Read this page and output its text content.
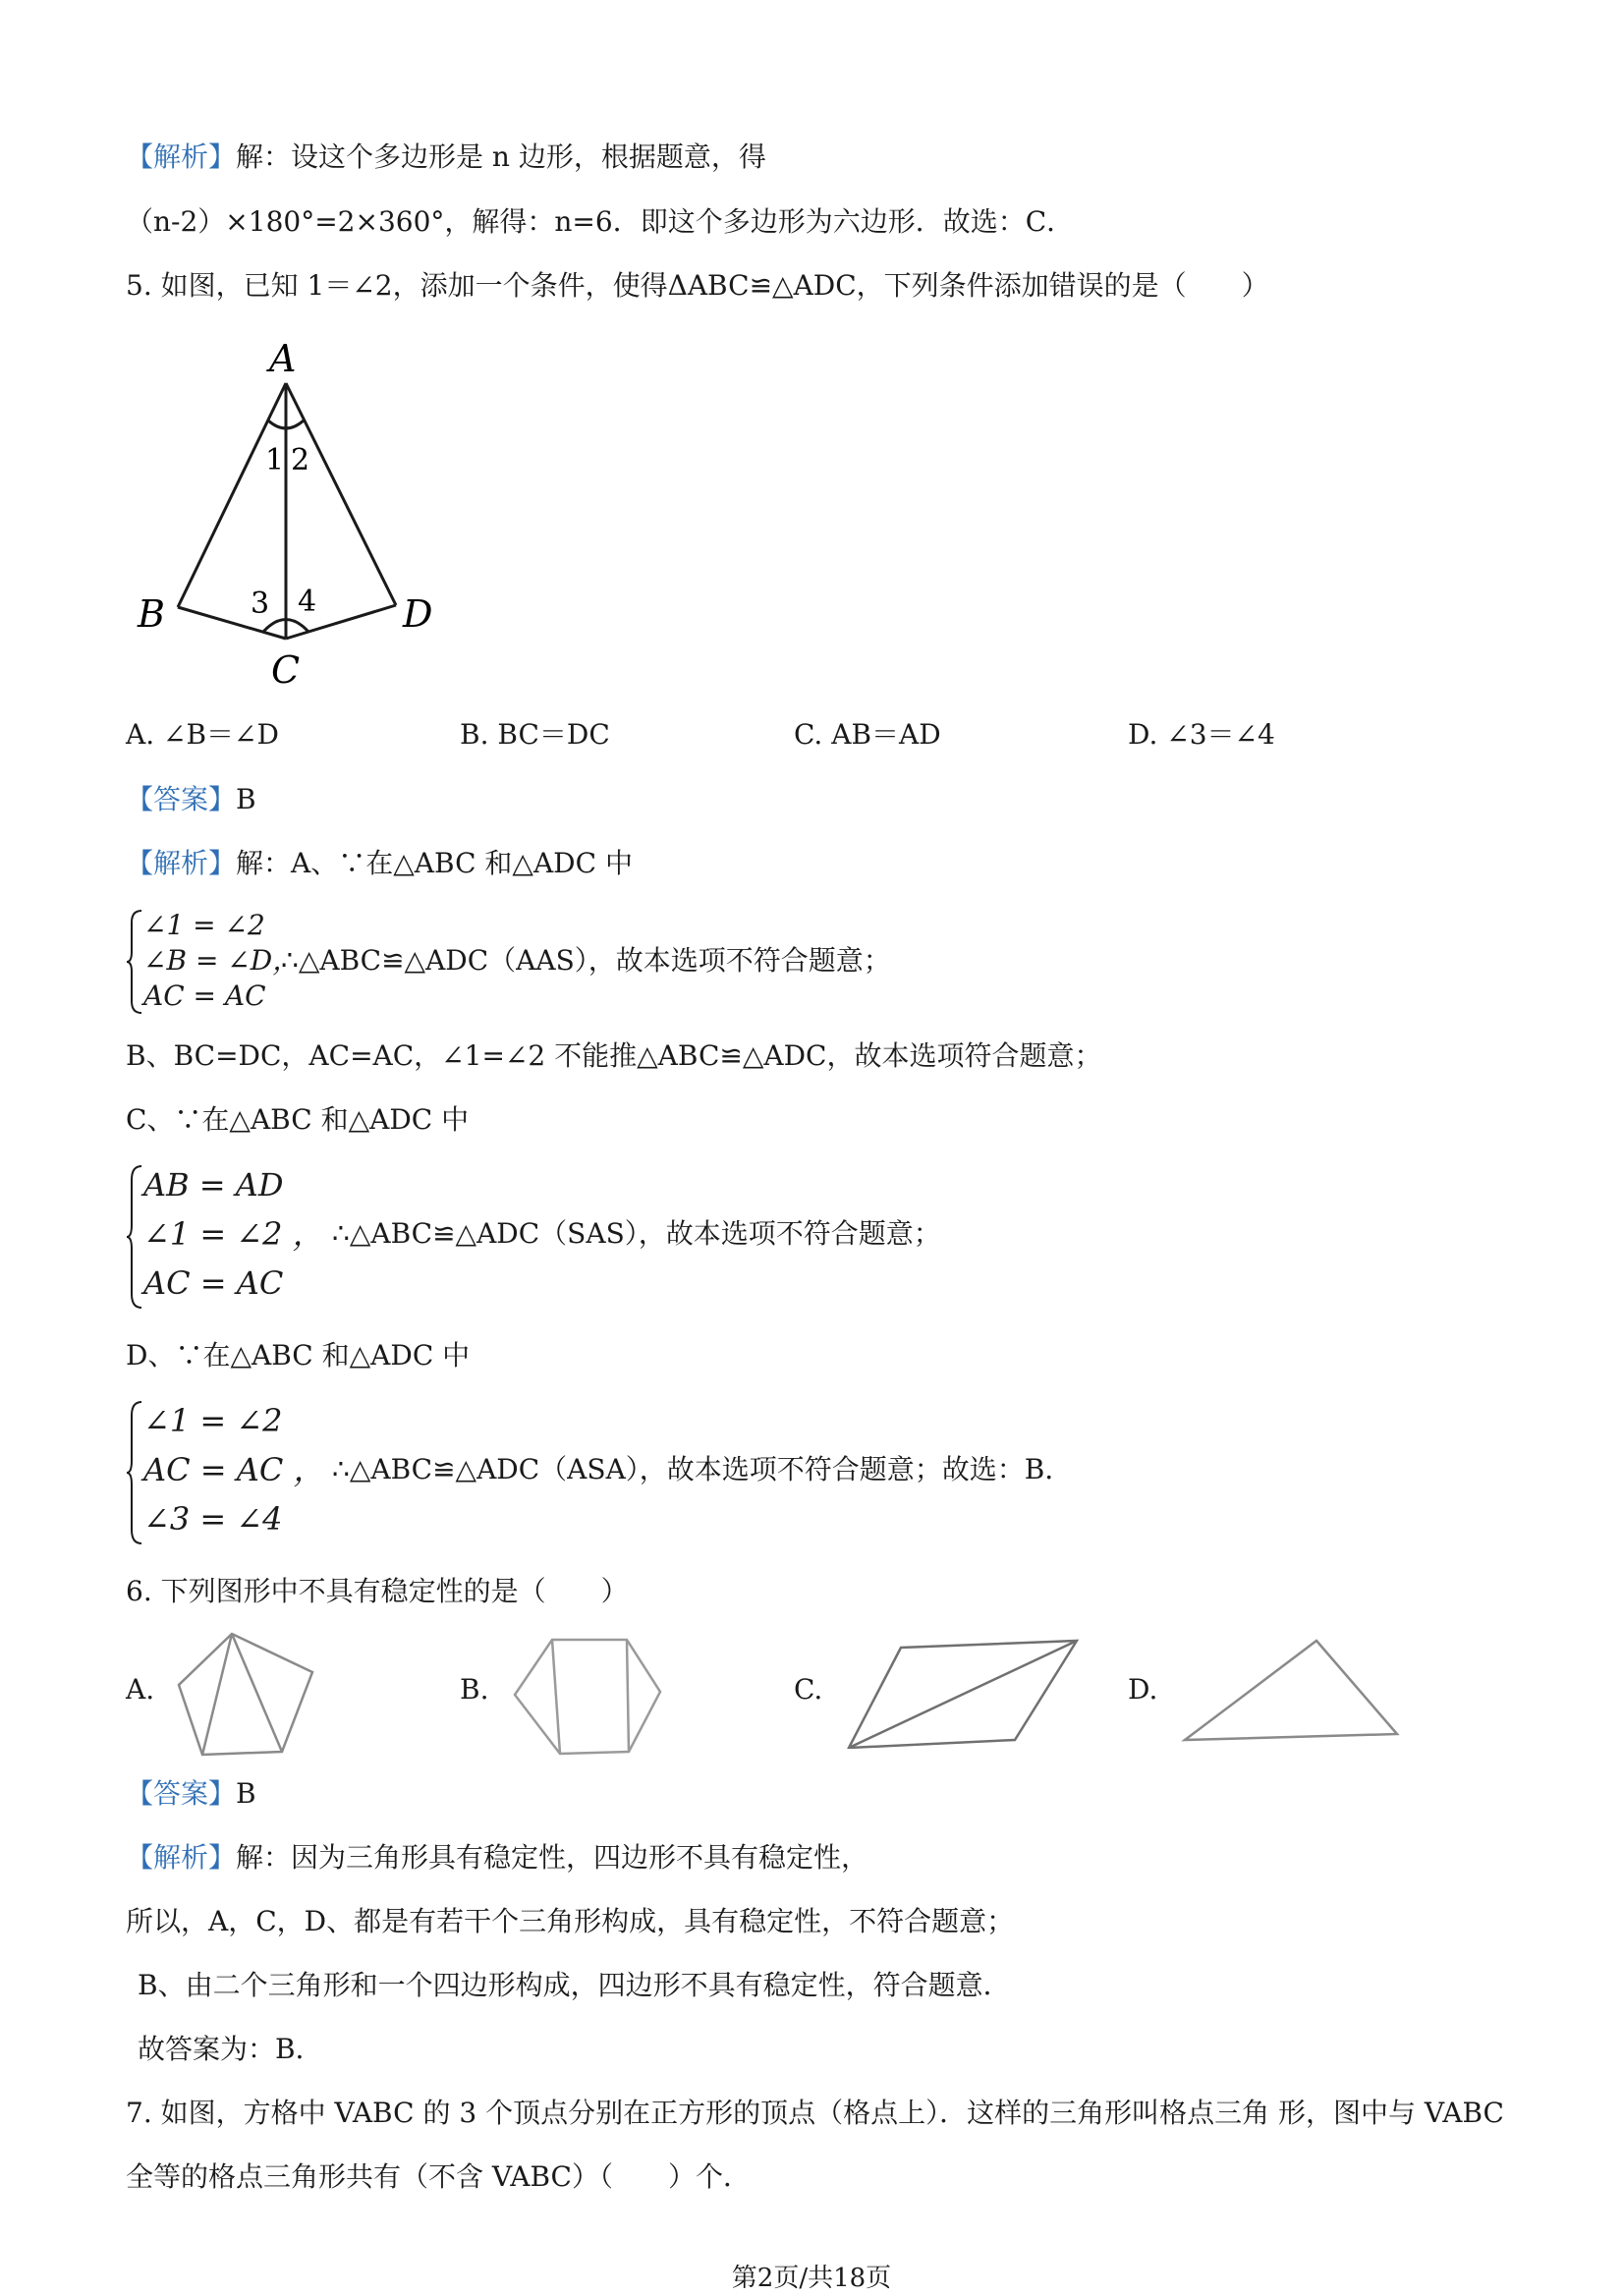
【解析】解：设这个多边形是 n 边形，根据题意，得
（n-2）×180°=2×360°，解得：n=6．即这个多边形为六边形．故选：C．
5. 如图，已知 1＝∠2，添加一个条件，使得ΔABC≌△ADC，下列条件添加错误的是（　　）
A
B
C
D
1 2
3 4
A. ∠B＝∠D	B. BC＝DC	C. AB＝AD	D. ∠3＝∠4
【答案】B
【解析】解：A、∵在△ABC 和△ADC 中
∠1 = ∠2
∠B = ∠D，
AC = AC
∴△ABC≌△ADC（AAS），故本选项不符合题意；
B、BC=DC，AC=AC，∠1=∠2 不能推△ABC≌△ADC，故本选项符合题意；
C、∵在△ABC 和△ADC 中
AB = AD
∠1 = ∠2 ，
AC = AC
∴△ABC≌△ADC（SAS），故本选项不符合题意；
D、∵在△ABC 和△ADC 中
∠1 = ∠2
AC = AC ，
∠3 = ∠4
∴△ABC≌△ADC（ASA），故本选项不符合题意；故选：B．
6. 下列图形中不具有稳定性的是（　　）
A.	B.	C.	D.
【答案】B
【解析】解：因为三角形具有稳定性，四边形不具有稳定性，
所以，A，C，D、都是有若干个三角形构成，具有稳定性，不符合题意；
B、由二个三角形和一个四边形构成，四边形不具有稳定性，符合题意．
故答案为：B．
7. 如图，方格中 VABC 的 3 个顶点分别在正方形的顶点（格点上）．这样的三角形叫格点三角 形，图中与 VABC
全等的格点三角形共有（不含 VABC）（　　）个．
第2页/共18页
